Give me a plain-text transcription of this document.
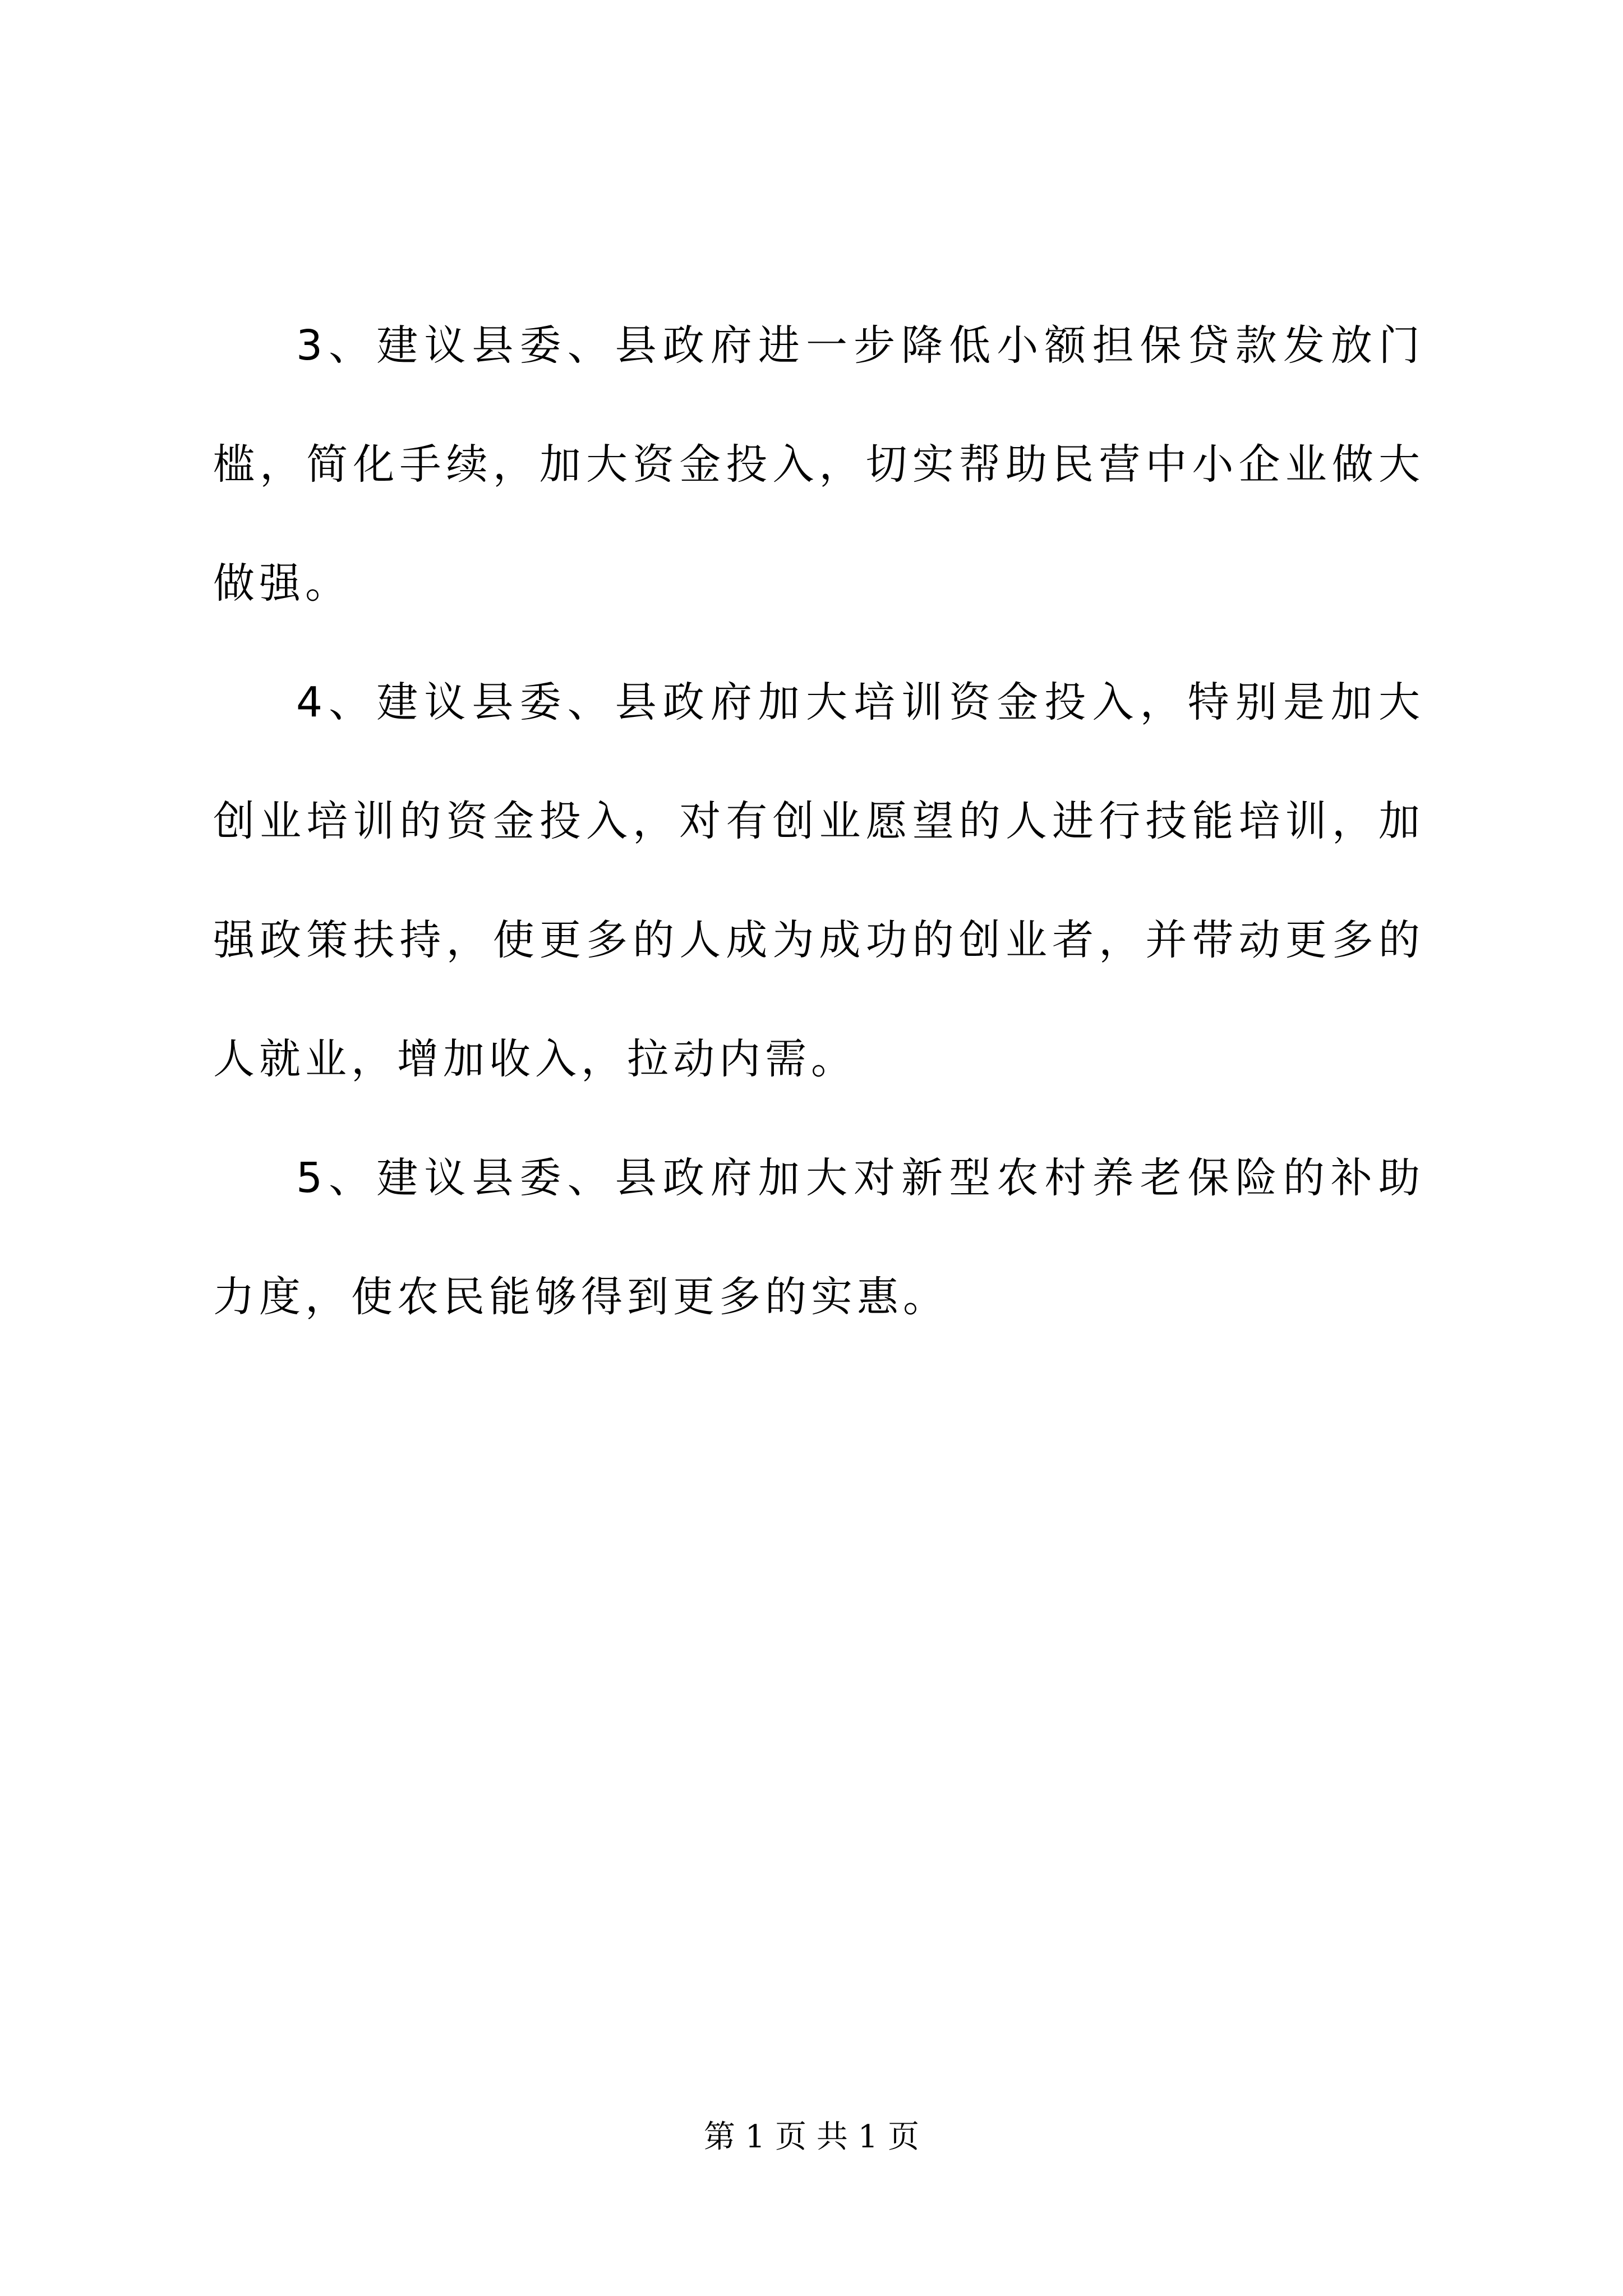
3、建议县委、县政府进一步降低小额担保贷款发放门槛，简化手续，加大资金投入，切实帮助民营中小企业做大做强。

4、建议县委、县政府加大培训资金投入，特别是加大创业培训的资金投入，对有创业愿望的人进行技能培训，加强政策扶持，使更多的人成为成功的创业者，并带动更多的人就业，增加收入，拉动内需。

5、建议县委、县政府加大对新型农村养老保险的补助力度，使农民能够得到更多的实惠。

第 1 页 共 1 页
